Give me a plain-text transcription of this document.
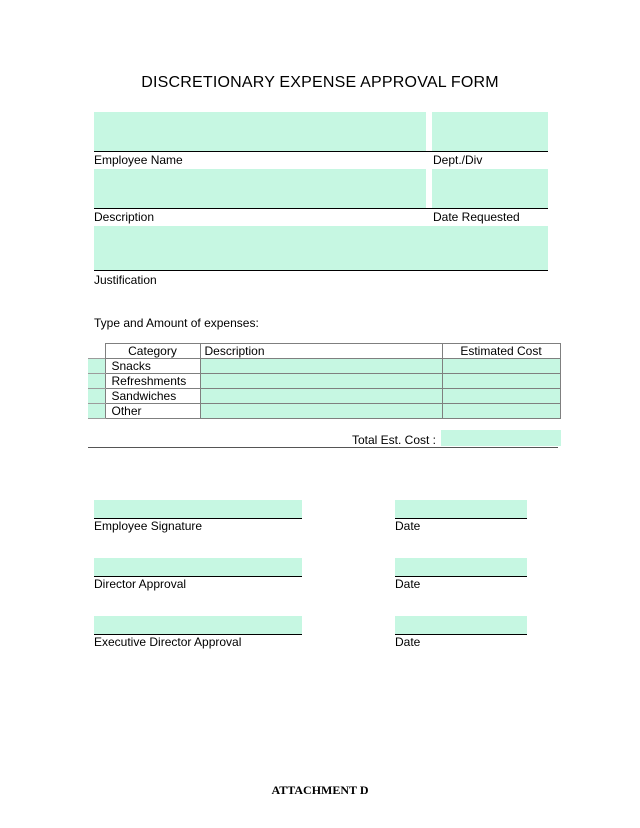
DISCRETIONARY EXPENSE APPROVAL FORM
Employee Name	Dept./Div
Description	Date Requested
Justification
Type and Amount of expenses:
	Category	Description	Estimated Cost
	Snacks		
	Refreshments		
	Sandwiches		
	Other		
Total Est. Cost :
Employee Signature	Date
Director Approval	Date
Executive Director Approval	Date
ATTACHMENT D
